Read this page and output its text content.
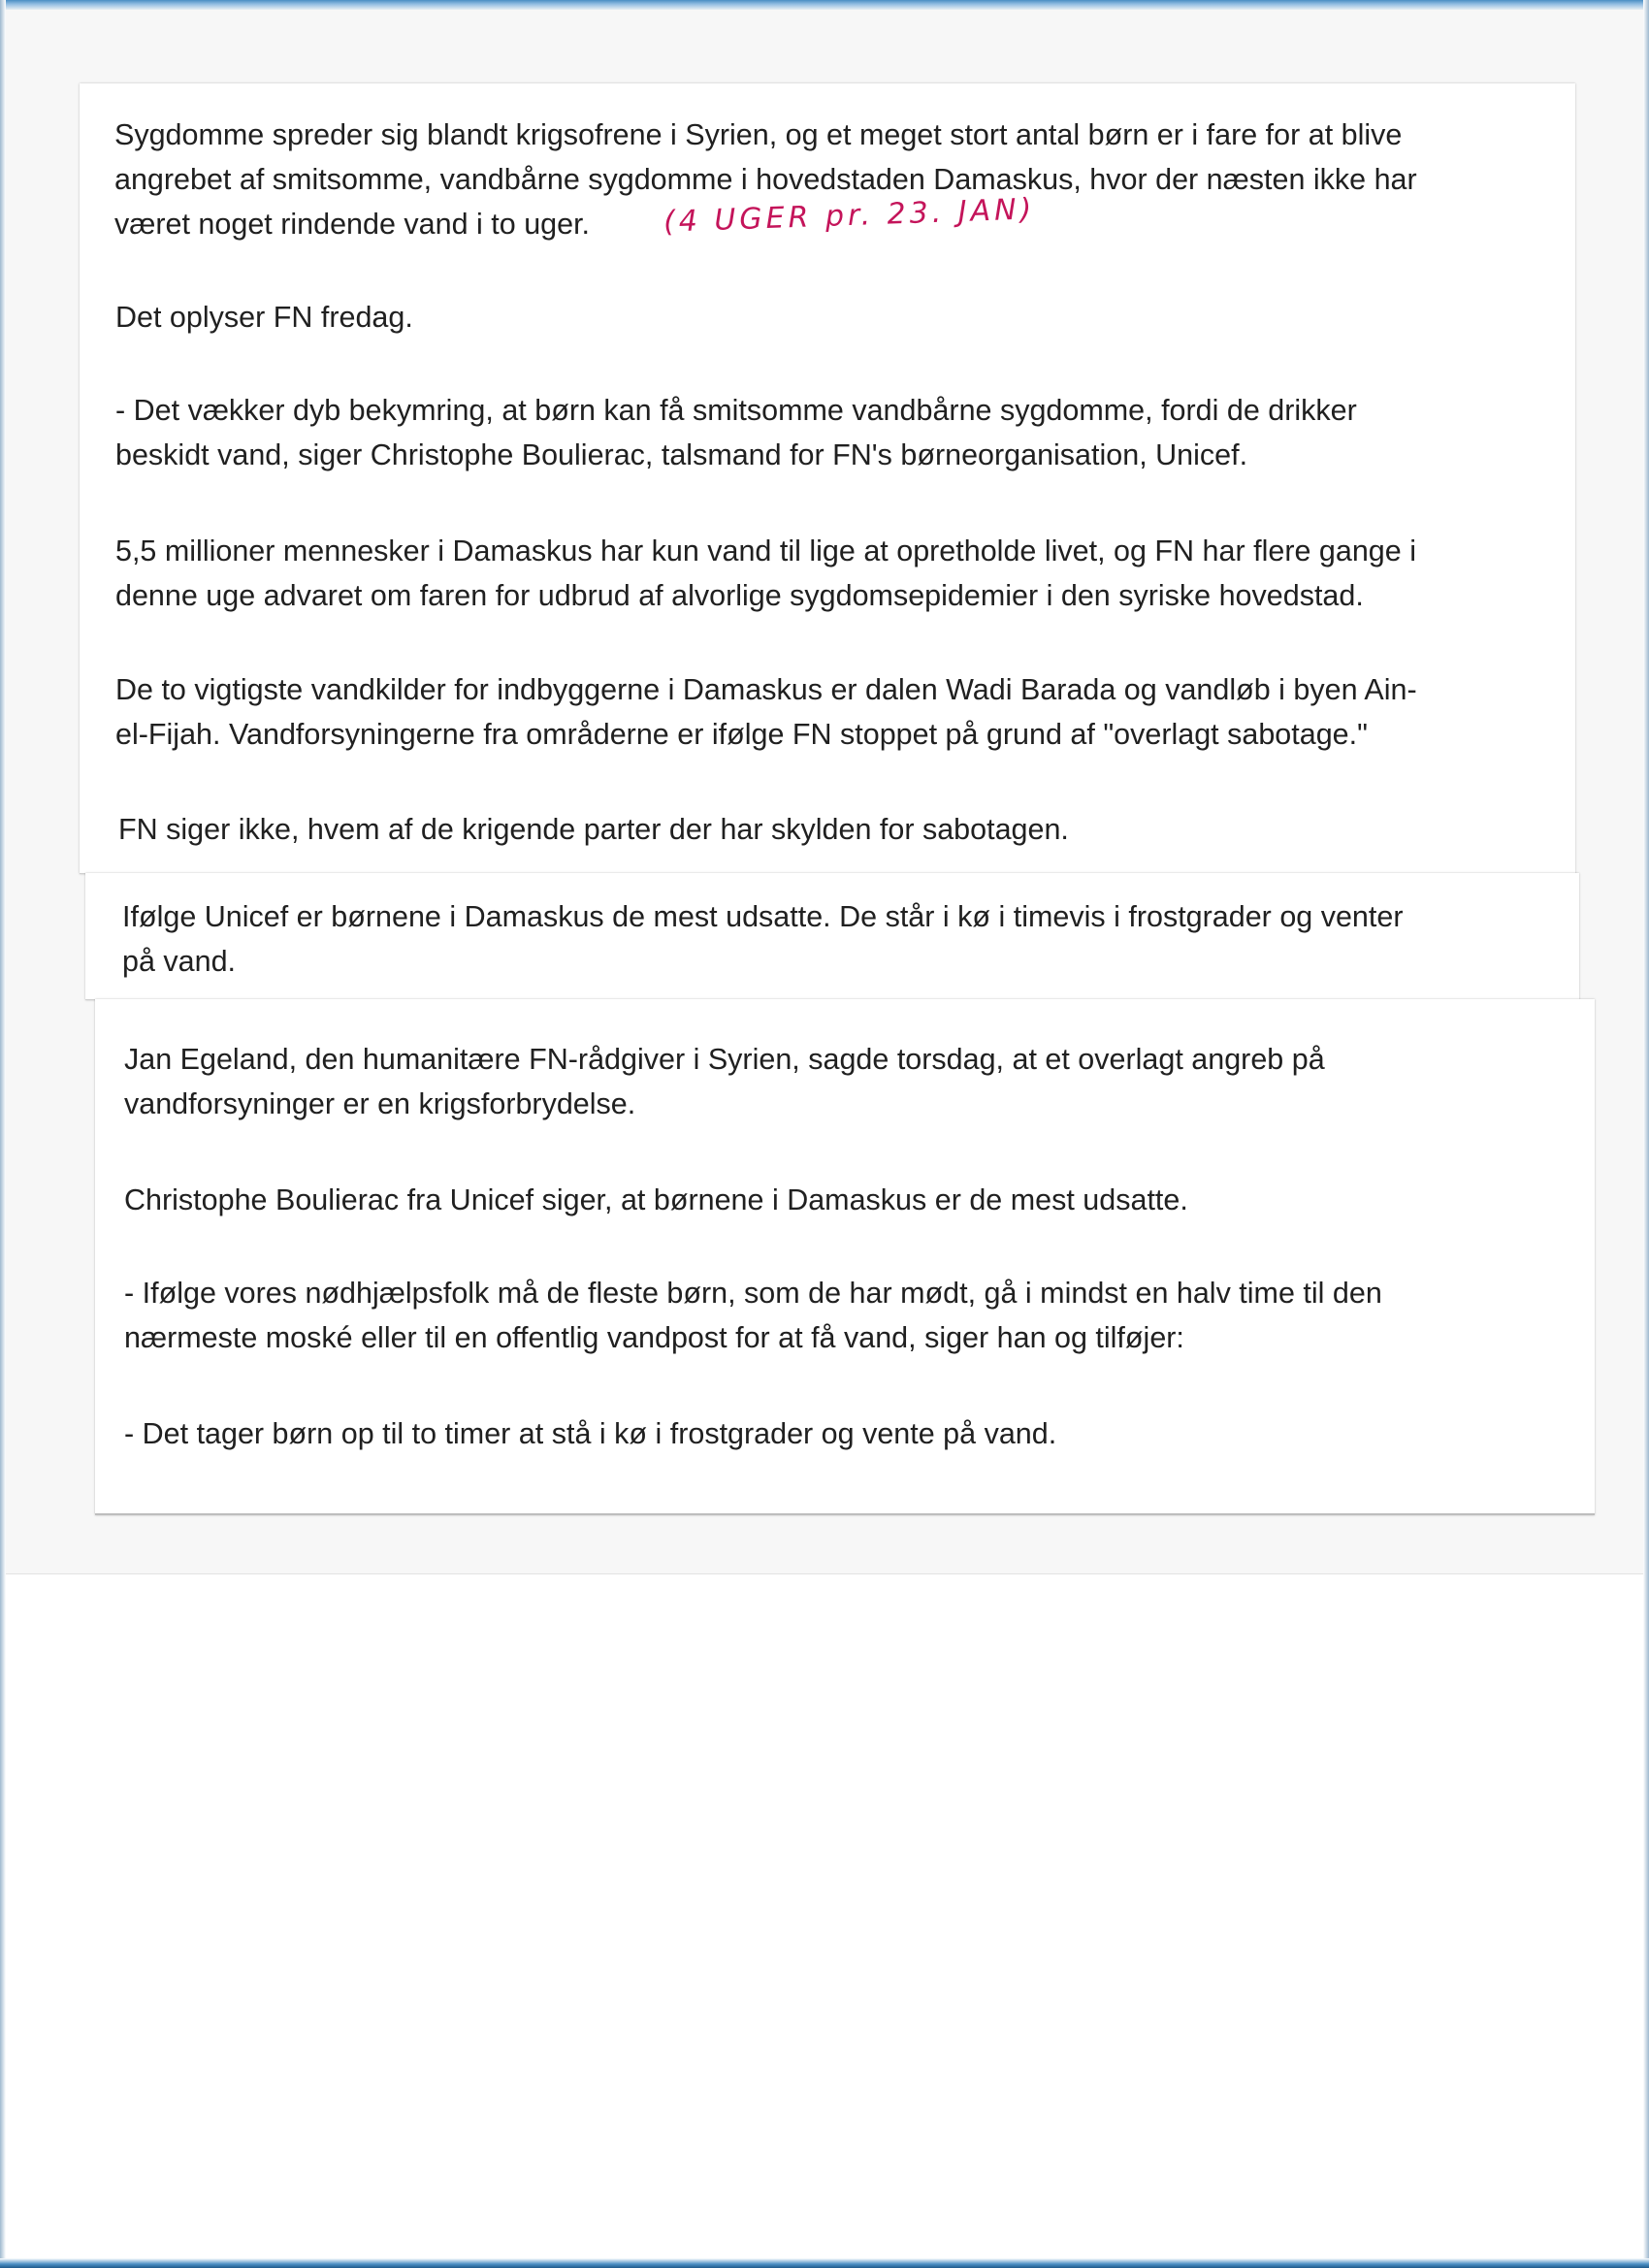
Sygdomme spreder sig blandt krigsofrene i Syrien, og et meget stort antal børn er i fare for at blive
angrebet af smitsomme, vandbårne sygdomme i hovedstaden Damaskus, hvor der næsten ikke har
været noget rindende vand i to uger.	(4 UGER pr. 23. JAN)

Det oplyser FN fredag.

- Det vækker dyb bekymring, at børn kan få smitsomme vandbårne sygdomme, fordi de drikker
beskidt vand, siger Christophe Boulierac, talsmand for FN's børneorganisation, Unicef.

5,5 millioner mennesker i Damaskus har kun vand til lige at opretholde livet, og FN har flere gange i
denne uge advaret om faren for udbrud af alvorlige sygdomsepidemier i den syriske hovedstad.

De to vigtigste vandkilder for indbyggerne i Damaskus er dalen Wadi Barada og vandløb i byen Ain-
el-Fijah. Vandforsyningerne fra områderne er ifølge FN stoppet på grund af "overlagt sabotage."

FN siger ikke, hvem af de krigende parter der har skylden for sabotagen.

Ifølge Unicef er børnene i Damaskus de mest udsatte. De står i kø i timevis i frostgrader og venter
på vand.

Jan Egeland, den humanitære FN-rådgiver i Syrien, sagde torsdag, at et overlagt angreb på
vandforsyninger er en krigsforbrydelse.

Christophe Boulierac fra Unicef siger, at børnene i Damaskus er de mest udsatte.

- Ifølge vores nødhjælpsfolk må de fleste børn, som de har mødt, gå i mindst en halv time til den
nærmeste moské eller til en offentlig vandpost for at få vand, siger han og tilføjer:

- Det tager børn op til to timer at stå i kø i frostgrader og vente på vand.
